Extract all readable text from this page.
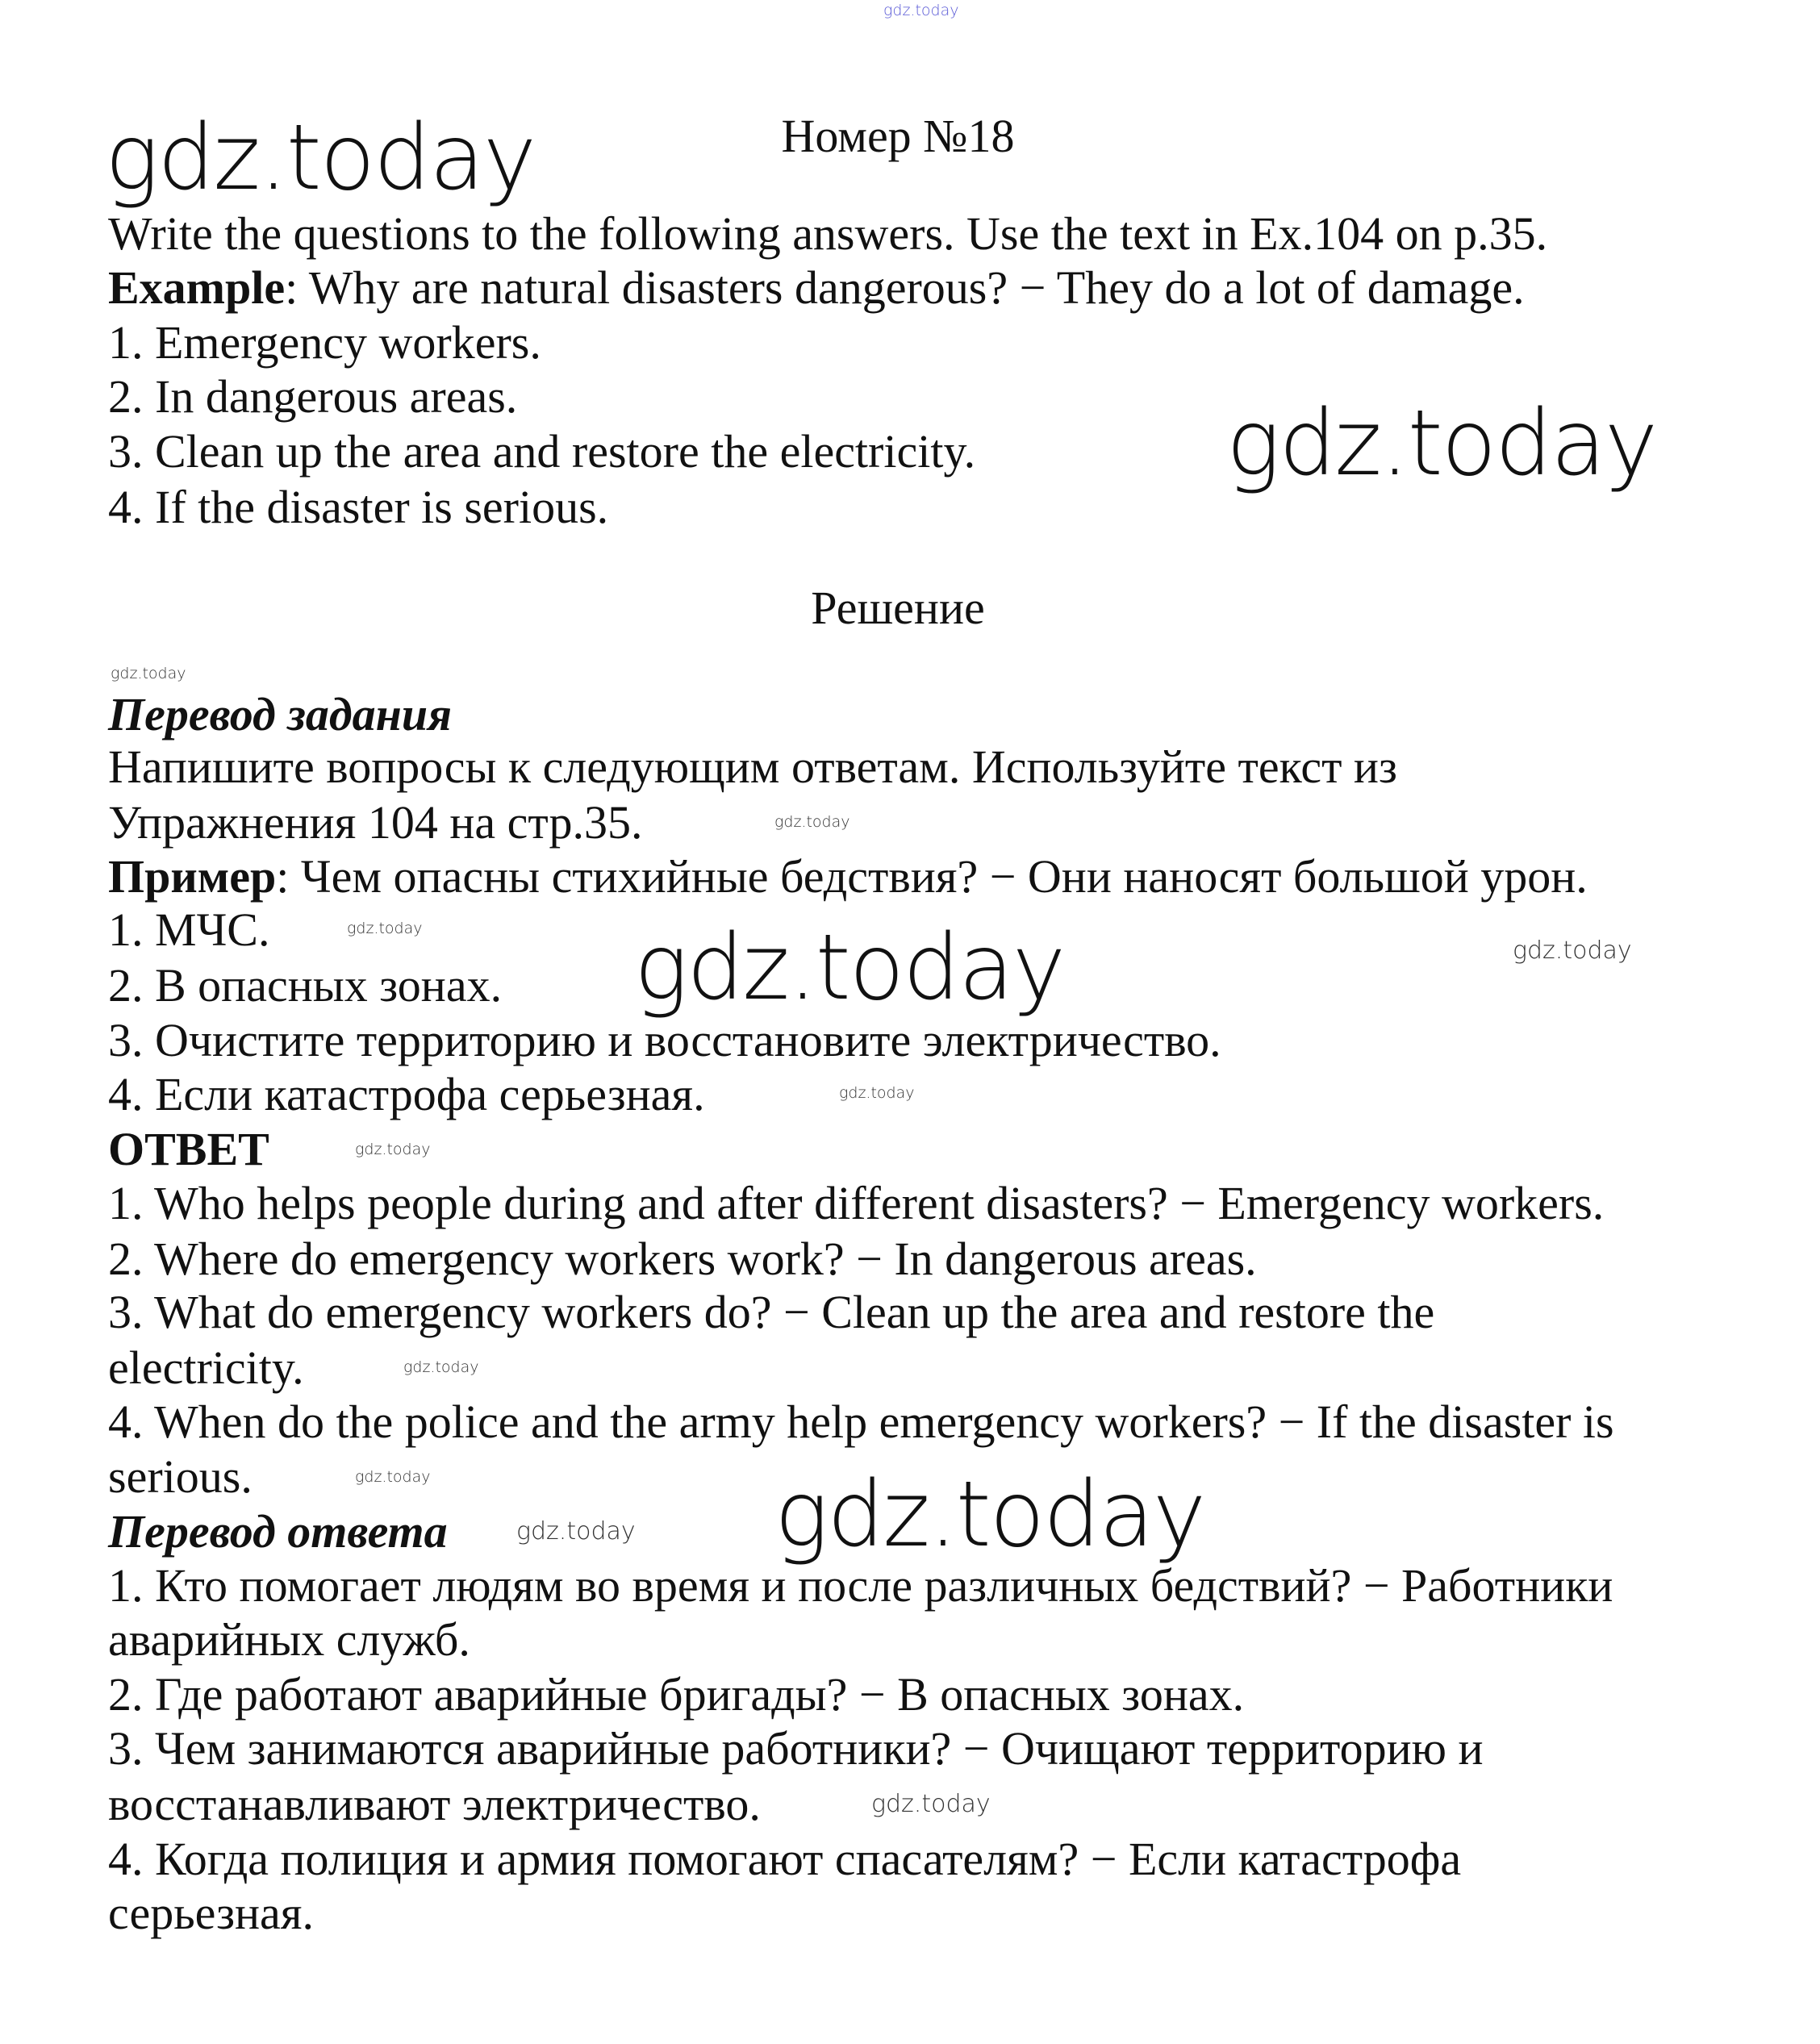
gdz.today
gdz.today
gdz.today
gdz.today
gdz.today
gdz.today
gdz.today
gdz.today
gdz.today
gdz.today
gdz.today
gdz.today
gdz.today
gdz.today
gdz.today
Номер №18
Write the questions to the following answers. Use the text in Ex.104 on p.35.
Example: Why are natural disasters dangerous? − They do a lot of damage.
1. Emergency workers.
2. In dangerous areas.
3. Clean up the area and restore the electricity.
4. If the disaster is serious.
Решение
Перевод задания
Напишите вопросы к следующим ответам. Используйте текст из
Упражнения 104 на стр.35.
Пример: Чем опасны стихийные бедствия? − Они наносят большой урон.
1. МЧС.
2. В опасных зонах.
3. Очистите территорию и восстановите электричество.
4. Если катастрофа серьезная.
ОТВЕТ
1. Who helps people during and after different disasters? − Emergency workers.
2. Where do emergency workers work? − In dangerous areas.
3. What do emergency workers do? − Clean up the area and restore the
electricity.
4. When do the police and the army help emergency workers? − If the disaster is
serious.
Перевод ответа
1. Кто помогает людям во время и после различных бедствий? − Работники
аварийных служб.
2. Где работают аварийные бригады? − В опасных зонах.
3. Чем занимаются аварийные работники? − Очищают территорию и
восстанавливают электричество.
4. Когда полиция и армия помогают спасателям? − Если катастрофа
серьезная.
